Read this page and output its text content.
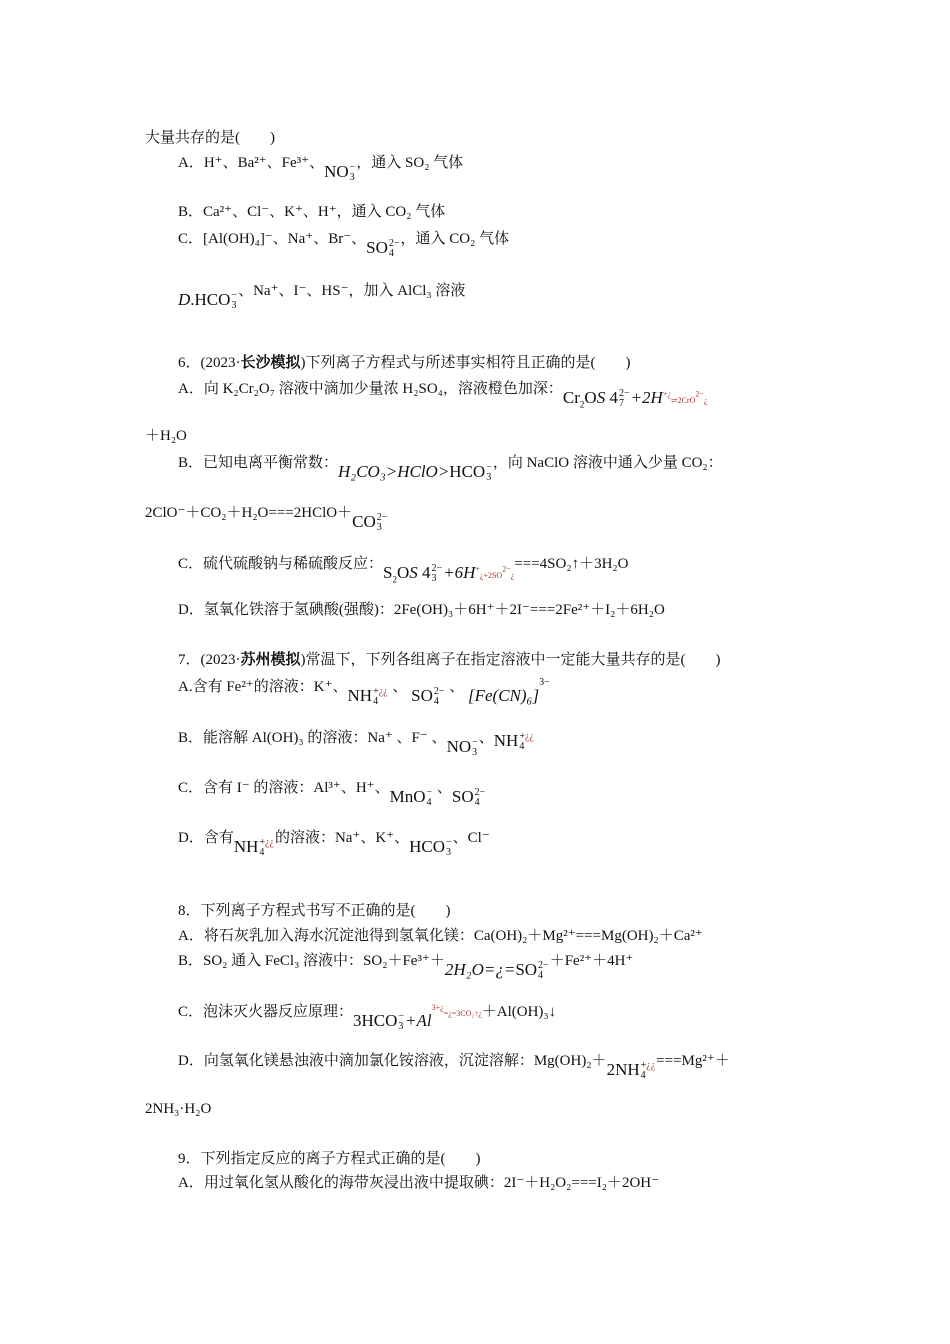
大量共存的是(　　)
A．H⁺、Ba²⁺、Fe³⁺、NO −
3
，通入 SO₂ 气体
B．Ca²⁺、Cl⁻、K⁺、H⁺，通入 CO₂ 气体
C．[Al(OH)₄]⁻、Na⁺、Br⁻、SO 2−
4
，通入 CO₂ 气体
D.HCO −
3
、Na⁺、I⁻、HS⁻，加入 AlCl₃ 溶液
6．(2023·长沙模拟)下列离子方程式与所述事实相符且正确的是(　　)
A．向 K₂Cr₂O₇ 溶液中滴加少量浓 H₂SO₄，溶液橙色加深：$Cr_2OS$ 4 2−
7 +2H+¿⇌2CrO$^{2-}$¿
＋H₂O
B．已知电离平衡常数：H₂CO₃>HClO>HCO −
3
，向 NaClO 溶液中通入少量 CO₂：
2ClO⁻＋CO₂＋H₂O===2HClO＋CO 2−
3
C．硫代硫酸钠与稀硫酸反应：$S_2OS$ 4 2−
$3 +6H^+¿+2SO^{2-}¿===4SO_2↑+3H_2O$
D．氢氧化铁溶于氢碘酸(强酸)：2Fe(OH)₃＋6H⁺＋2I⁻===2Fe²⁺＋I₂＋6H₂O
7．(2023·苏州模拟)常温下，下列各组离子在指定溶液中一定能大量共存的是(　　)
A.含有 Fe²⁺的溶液：K⁺、NH +¿¿
4
、 SO 2−
4
、 $[Fe(CN)_6]^{3-}$
B．能溶解 Al(OH)₃ 的溶液：Na⁺ 、F⁻ 、NO −
3
、NH +¿¿
4
C．含有 I⁻ 的溶液：Al³⁺、H⁺、MnO −
4
、SO 2−
4
D．含有NH +¿¿
4
的溶液：Na⁺、K⁺、HCO −
3
、Cl⁻
8．下列离子方程式书写不正确的是(　　)
A．将石灰乳加入海水沉淀池得到氢氧化镁：Ca(OH)₂＋Mg²⁺===Mg(OH)₂＋Ca²⁺
B．SO₂ 通入 FeCl₃ 溶液中：SO₂＋Fe³⁺＋2H₂O=¿=SO 2−
4
＋Fe²⁺＋4H⁺
C．泡沫灭火器反应原理：3HCO −
$3 +Al^{3+¿}=¿=3CO_2↑¿+Al(OH)_3↓$
D．向氢氧化镁悬浊液中滴加氯化铵溶液，沉淀溶解：Mg(OH)₂＋2NH +¿¿
4
===Mg²⁺＋
2NH₃·H₂O
9．下列指定反应的离子方程式正确的是(　　)
A．用过氧化氢从酸化的海带灰浸出液中提取碘：2I⁻＋H₂O₂===I₂＋2OH⁻
